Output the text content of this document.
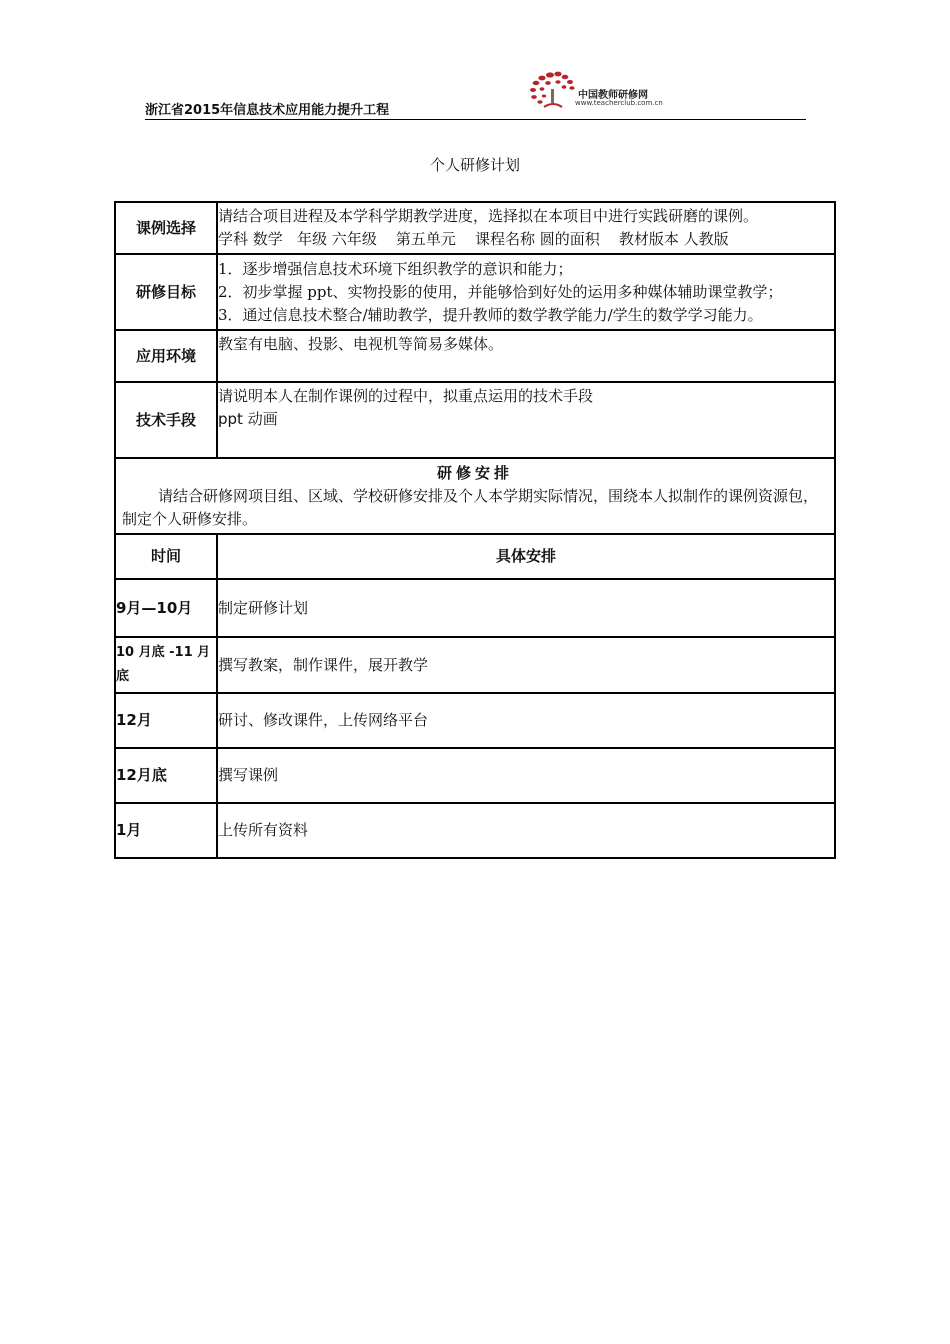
浙江省2015年信息技术应用能力提升工程
中国教师研修网
www.teacherclub.com.cn
个人研修计划
课例选择	请结合项目进程及本学科学期教学进度，选择拟在本项目中进行实践研磨的课例。
学科 数学   年级 六年级    第五单元    课程名称 圆的面积    教材版本 人教版

研修目标	1．逐步增强信息技术环境下组织教学的意识和能力；
2．初步掌握 ppt、实物投影的使用，并能够恰到好处的运用多种媒体辅助课堂教学；
3．通过信息技术整合/辅助教学，提升教师的数学教学能力/学生的数学学习能力。

应用环境	教室有电脑、投影、电视机等简易多媒体。
技术手段	请说明本人在制作课例的过程中，拟重点运用的技术手段
ppt 动画

研修安排
请结合研修网项目组、区域、学校研修安排及个人本学期实际情况，围绕本人拟制作的课例资源包，制定个人研修安排。	

时间	具体安排
9月—10月	制定研修计划
10 月底 -11 月底	撰写教案，制作课件，展开教学
12月	研讨、修改课件，上传网络平台
12月底	撰写课例
1月	上传所有资料
